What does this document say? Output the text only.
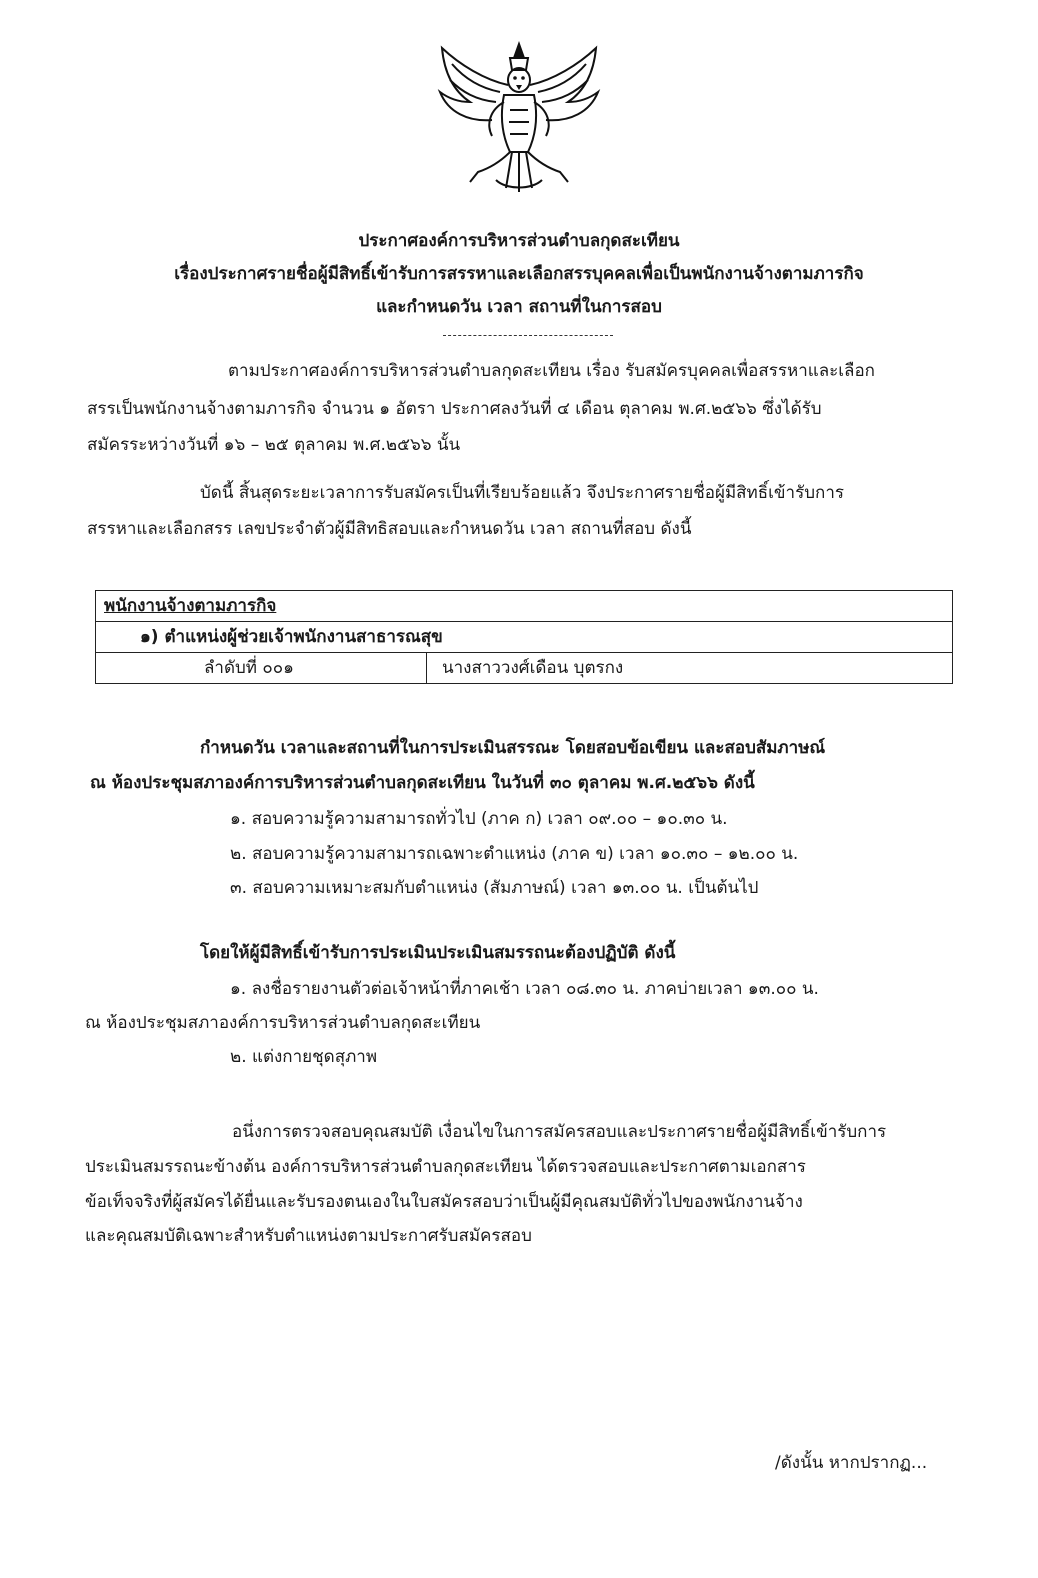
ประกาศองค์การบริหารส่วนตำบลกุดสะเทียน
เรื่องประกาศรายชื่อผู้มีสิทธิ์เข้ารับการสรรหาและเลือกสรรบุคคลเพื่อเป็นพนักงานจ้างตามภารกิจ
และกำหนดวัน เวลา สถานที่ในการสอบ
ตามประกาศองค์การบริหารส่วนตำบลกุดสะเทียน เรื่อง รับสมัครบุคคลเพื่อสรรหาและเลือก
สรรเป็นพนักงานจ้างตามภารกิจ จำนวน ๑ อัตรา ประกาศลงวันที่ ๔ เดือน ตุลาคม พ.ศ.๒๕๖๖ ซึ่งได้รับ
สมัครระหว่างวันที่ ๑๖ – ๒๕ ตุลาคม พ.ศ.๒๕๖๖ นั้น
บัดนี้ สิ้นสุดระยะเวลาการรับสมัครเป็นที่เรียบร้อยแล้ว จึงประกาศรายชื่อผู้มีสิทธิ์เข้ารับการ
สรรหาและเลือกสรร เลขประจำตัวผู้มีสิทธิสอบและกำหนดวัน เวลา สถานที่สอบ ดังนี้
พนักงานจ้างตามภารกิจ
๑) ตำแหน่งผู้ช่วยเจ้าพนักงานสาธารณสุข
ลำดับที่ ๐๐๑	นางสาววงศ์เดือน บุตรกง
กำหนดวัน เวลาและสถานที่ในการประเมินสรรณะ โดยสอบข้อเขียน และสอบสัมภาษณ์
ณ ห้องประชุมสภาองค์การบริหารส่วนตำบลกุดสะเทียน ในวันที่ ๓๐ ตุลาคม พ.ศ.๒๕๖๖ ดังนี้
๑. สอบความรู้ความสามารถทั่วไป (ภาค ก) เวลา ๐๙.๐๐ – ๑๐.๓๐ น.
๒. สอบความรู้ความสามารถเฉพาะตำแหน่ง (ภาค ข) เวลา ๑๐.๓๐ – ๑๒.๐๐ น.
๓. สอบความเหมาะสมกับตำแหน่ง (สัมภาษณ์) เวลา ๑๓.๐๐ น. เป็นต้นไป
โดยให้ผู้มีสิทธิ์เข้ารับการประเมินประเมินสมรรถนะต้องปฏิบัติ ดังนี้
๑. ลงชื่อรายงานตัวต่อเจ้าหน้าที่ภาคเช้า เวลา ๐๘.๓๐ น. ภาคบ่ายเวลา ๑๓.๐๐ น.
ณ ห้องประชุมสภาองค์การบริหารส่วนตำบลกุดสะเทียน
๒. แต่งกายชุดสุภาพ
อนึ่งการตรวจสอบคุณสมบัติ เงื่อนไขในการสมัครสอบและประกาศรายชื่อผู้มีสิทธิ์เข้ารับการ
ประเมินสมรรถนะข้างต้น องค์การบริหารส่วนตำบลกุดสะเทียน ได้ตรวจสอบและประกาศตามเอกสาร
ข้อเท็จจริงที่ผู้สมัครได้ยื่นและรับรองตนเองในใบสมัครสอบว่าเป็นผู้มีคุณสมบัติทั่วไปของพนักงานจ้าง
และคุณสมบัติเฉพาะสำหรับตำแหน่งตามประกาศรับสมัครสอบ
/ดังนั้น หากปรากฏ...
